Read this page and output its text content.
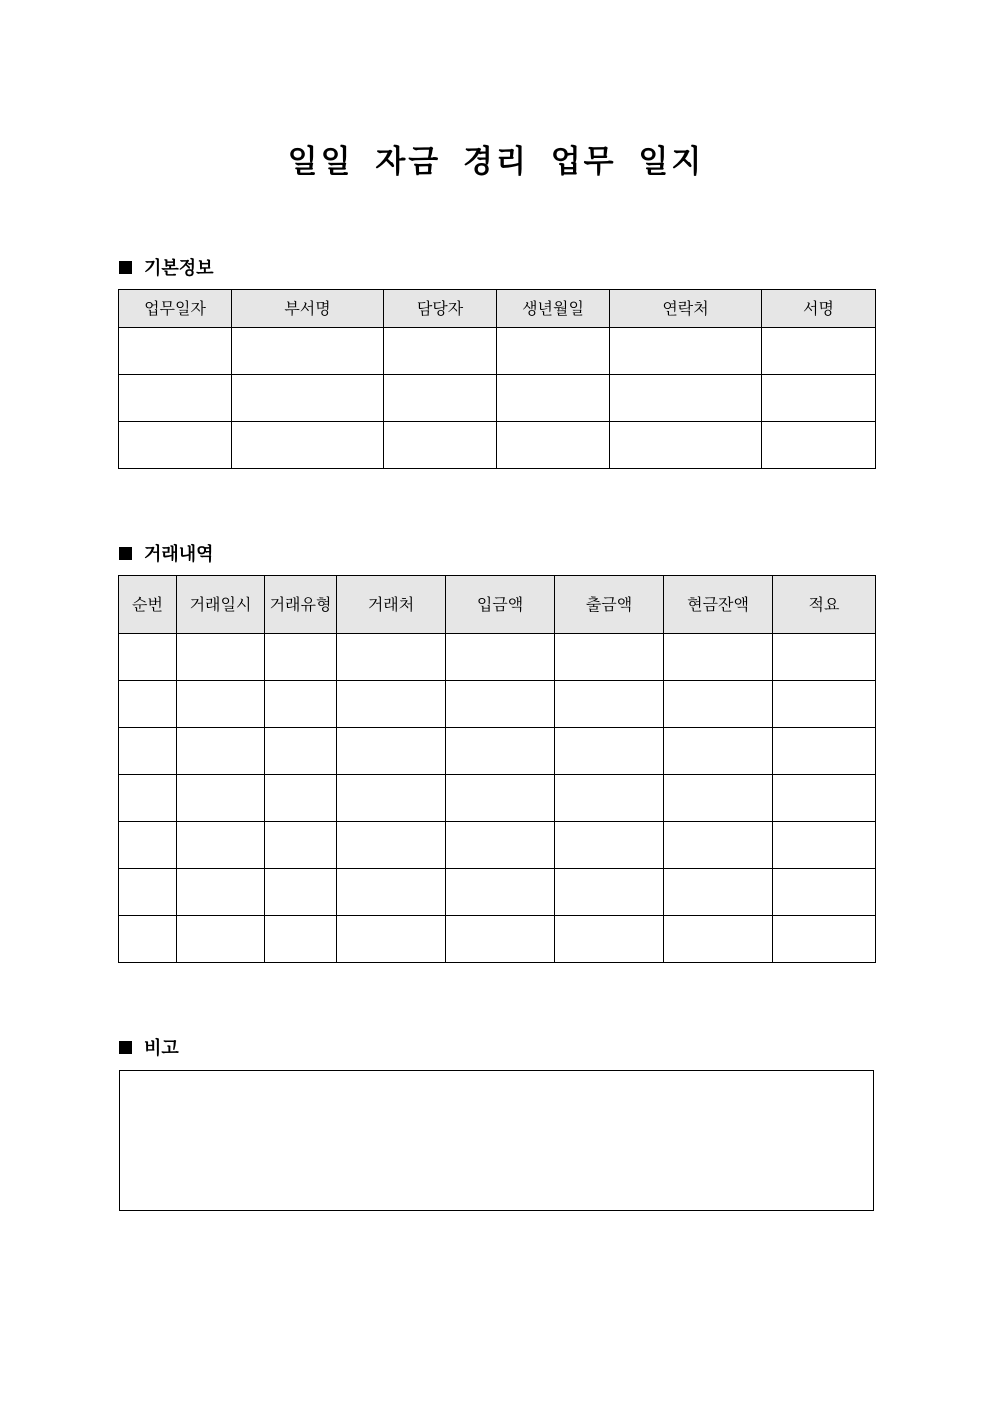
일일 자금 경리 업무 일지
기본정보
업무일자	부서명	담당자	생년월일	연락처	서명

거래내역
순번	거래일시	거래유형	거래처	입금액	출금액	현금잔액	적요

비고
